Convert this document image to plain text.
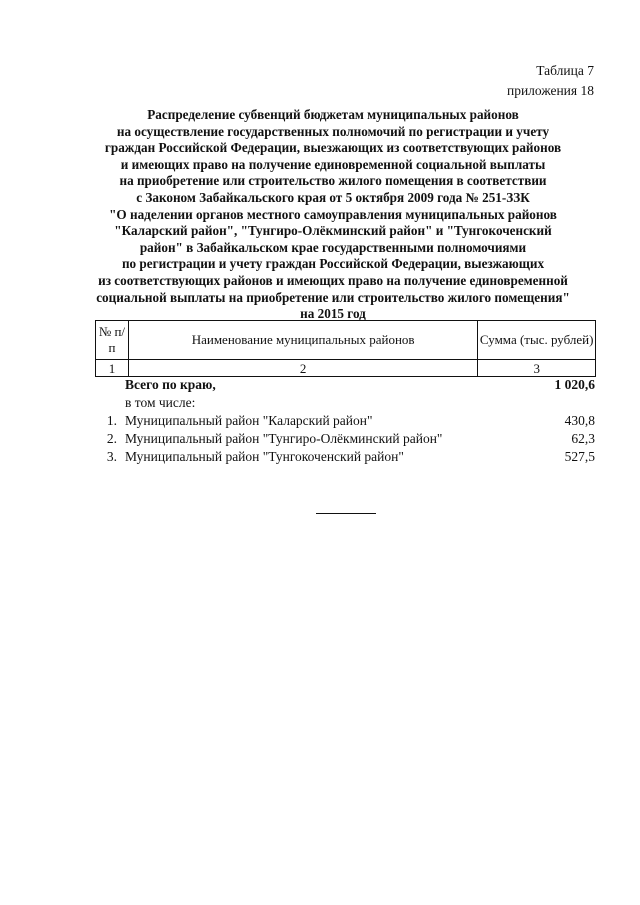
Таблица 7
приложения 18
Распределение субвенций бюджетам муниципальных районов
на осуществление государственных полномочий по регистрации и учету
граждан Российской Федерации, выезжающих из соответствующих районов
и имеющих право на получение единовременной социальной выплаты
на приобретение или строительство жилого помещения в соответствии
с Законом Забайкальского края от 5 октября 2009 года № 251-ЗЗК
"О наделении органов местного самоуправления муниципальных районов
"Каларский район", "Тунгиро-Олёкминский район" и "Тунгокоченский
район" в Забайкальском крае государственными полномочиями
по регистрации и учету граждан Российской Федерации, выезжающих
из соответствующих районов и имеющих право на получение единовременной
социальной выплаты на приобретение или строительство жилого помещения"
на 2015 год
№ п/п	Наименование муниципальных районов	Сумма (тыс. рублей)
1	2	3
Всего по краю,	1 020,6
в том числе:
1. Муниципальный район "Каларский район"	430,8
2. Муниципальный район "Тунгиро-Олёкминский район"	62,3
3. Муниципальный район "Тунгокоченский район"	527,5
